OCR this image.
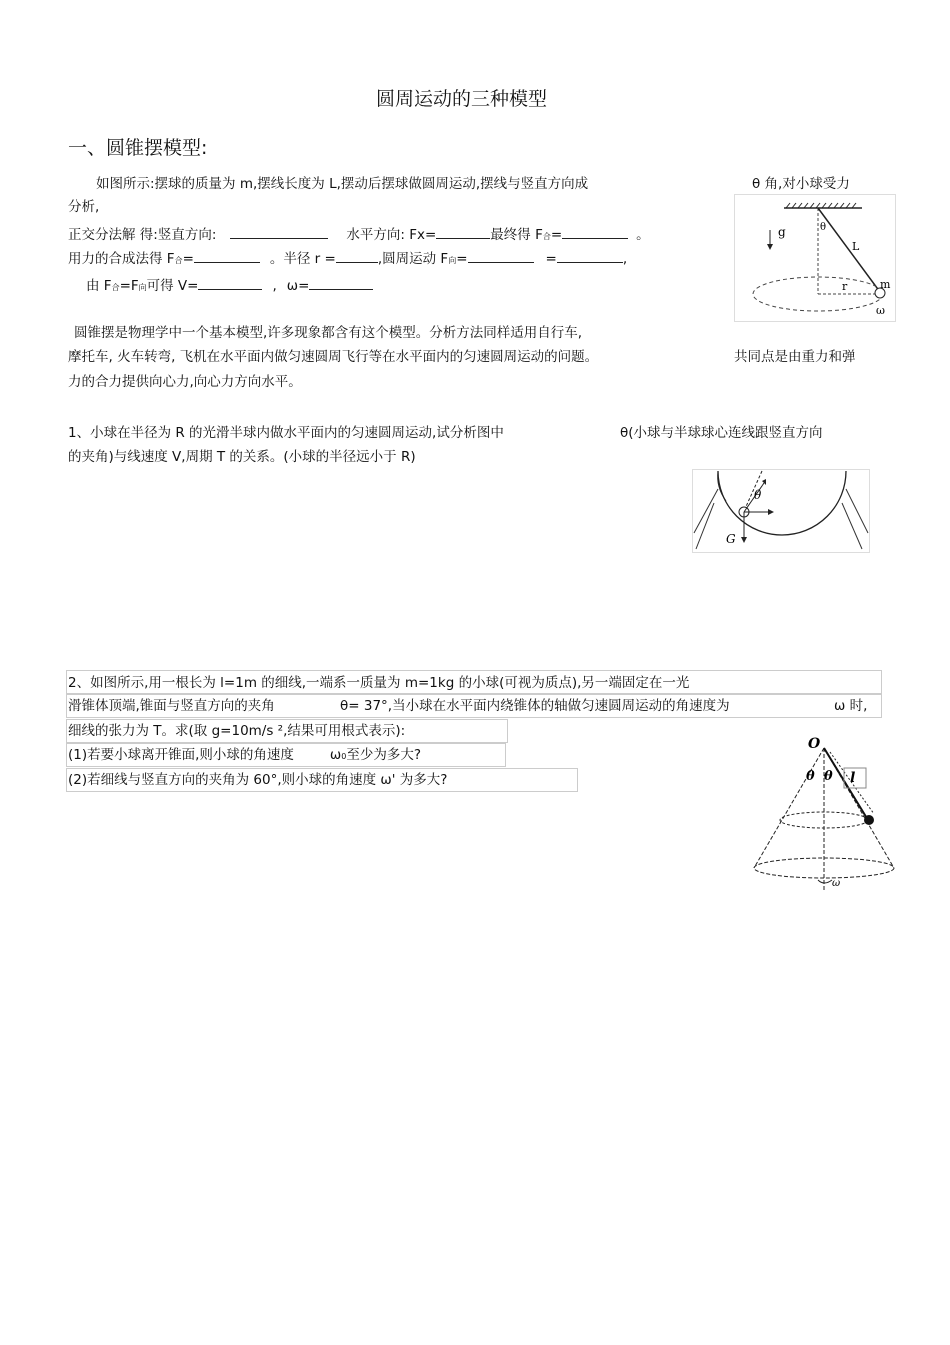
圆周运动的三种模型
一、圆锥摆模型:
如图所示:摆球的质量为 m,摆线长度为 L,摆动后摆球做圆周运动,摆线与竖直方向成	θ 角,对小球受力
分析,
正交分法解 得:竖直方向:	水平方向: Fx=	最终得 F合=	。
用力的合成法得 F合=	。半径 r =	,圆周运动 F向=	=	,
由 F合=F向可得 V=	, ω=
圆锥摆是物理学中一个基本模型,许多现象都含有这个模型。分析方法同样适用自行车,
摩托车, 火车转弯, 飞机在水平面内做匀速圆周飞行等在水平面内的匀速圆周运动的问题。	共同点是由重力和弹
力的合力提供向心力,向心力方向水平。
g	θ
L
m
r
ω
1、小球在半径为 R 的光滑半球内做水平面内的匀速圆周运动,试分析图中	θ(小球与半球球心连线跟竖直方向
的夹角)与线速度 V,周期 T 的关系。(小球的半径远小于 R)
θ
G
2、如图所示,用一根长为 l=1m 的细线,一端系一质量为 m=1kg 的小球(可视为质点),另一端固定在一光
滑锥体顶端,锥面与竖直方向的夹角	θ= 37°,当小球在水平面内绕锥体的轴做匀速圆周运动的角速度为	ω 时,
细线的张力为 T。求(取 g=10m/s ²,结果可用根式表示):
(1)若要小球离开锥面,则小球的角速度	ω0至少为多大?
(2)若细线与竖直方向的夹角为 60°,则小球的角速度 ω' 为多大?
O
θ θ l
ω
